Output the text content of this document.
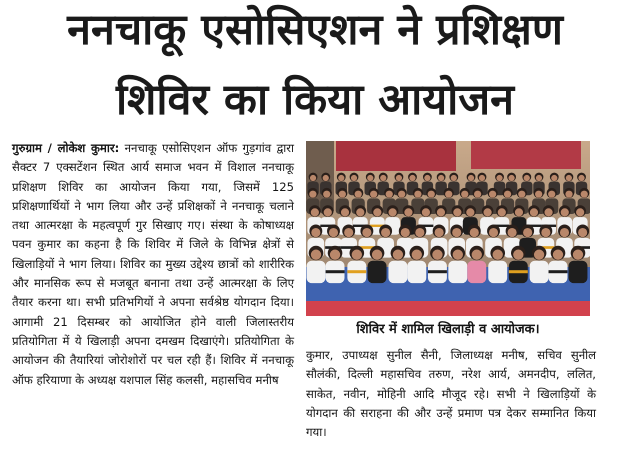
ननचाकू एसोसिएशन ने प्रशिक्षण
शिविर का किया आयोजन

गुरुग्राम / लोकेश कुमार: ननचाकू एसोसिएशन ऑफ गुड़गांव द्वारा सैक्टर 7 एक्सटेंशन स्थित आर्य समाज भवन में विशाल ननचाकू प्रशिक्षण शिविर का आयोजन किया गया, जिसमें 125 प्रशिक्षणार्थियों ने भाग लिया और उन्हें प्रशिक्षकों ने ननचाकू चलाने तथा आत्मरक्षा के महत्वपूर्ण गुर सिखाए गए। संस्था के कोषाध्यक्ष पवन कुमार का कहना है कि शिविर में जिले के विभिन्न क्षेत्रों से खिलाड़ियों ने भाग लिया। शिविर का मुख्य उद्देश्य छात्रों को शारीरिक और मानसिक रूप से मजबूत बनाना तथा उन्हें आत्मरक्षा के लिए तैयार करना था। सभी प्रतिभगियों ने अपना सर्वश्रेष्ठ योगदान दिया। आगामी 21 दिसम्बर को आयोजित होने वाली जिलास्तरीय प्रतियोगिता में ये खिलाड़ी अपना दमखम दिखाएंगे। प्रतियोगिता के आयोजन की तैयारियां जोरोशोरों पर चल रही हैं। शिविर में ननचाकू ऑफ हरियाणा के अध्यक्ष यशपाल सिंह कलसी, महासचिव मनीष

शिविर में शामिल खिलाड़ी व आयोजक।

कुमार, उपाध्यक्ष सुनील सैनी, जिलाध्यक्ष मनीष, सचिव सुनील सौलंकी, दिल्ली महासचिव तरुण, नरेश आर्य, अमनदीप, ललित, साकेत, नवीन, मोहिनी आदि मौजूद रहे। सभी ने खिलाड़ियों के योगदान की सराहना की और उन्हें प्रमाण पत्र देकर सम्मानित किया गया।
